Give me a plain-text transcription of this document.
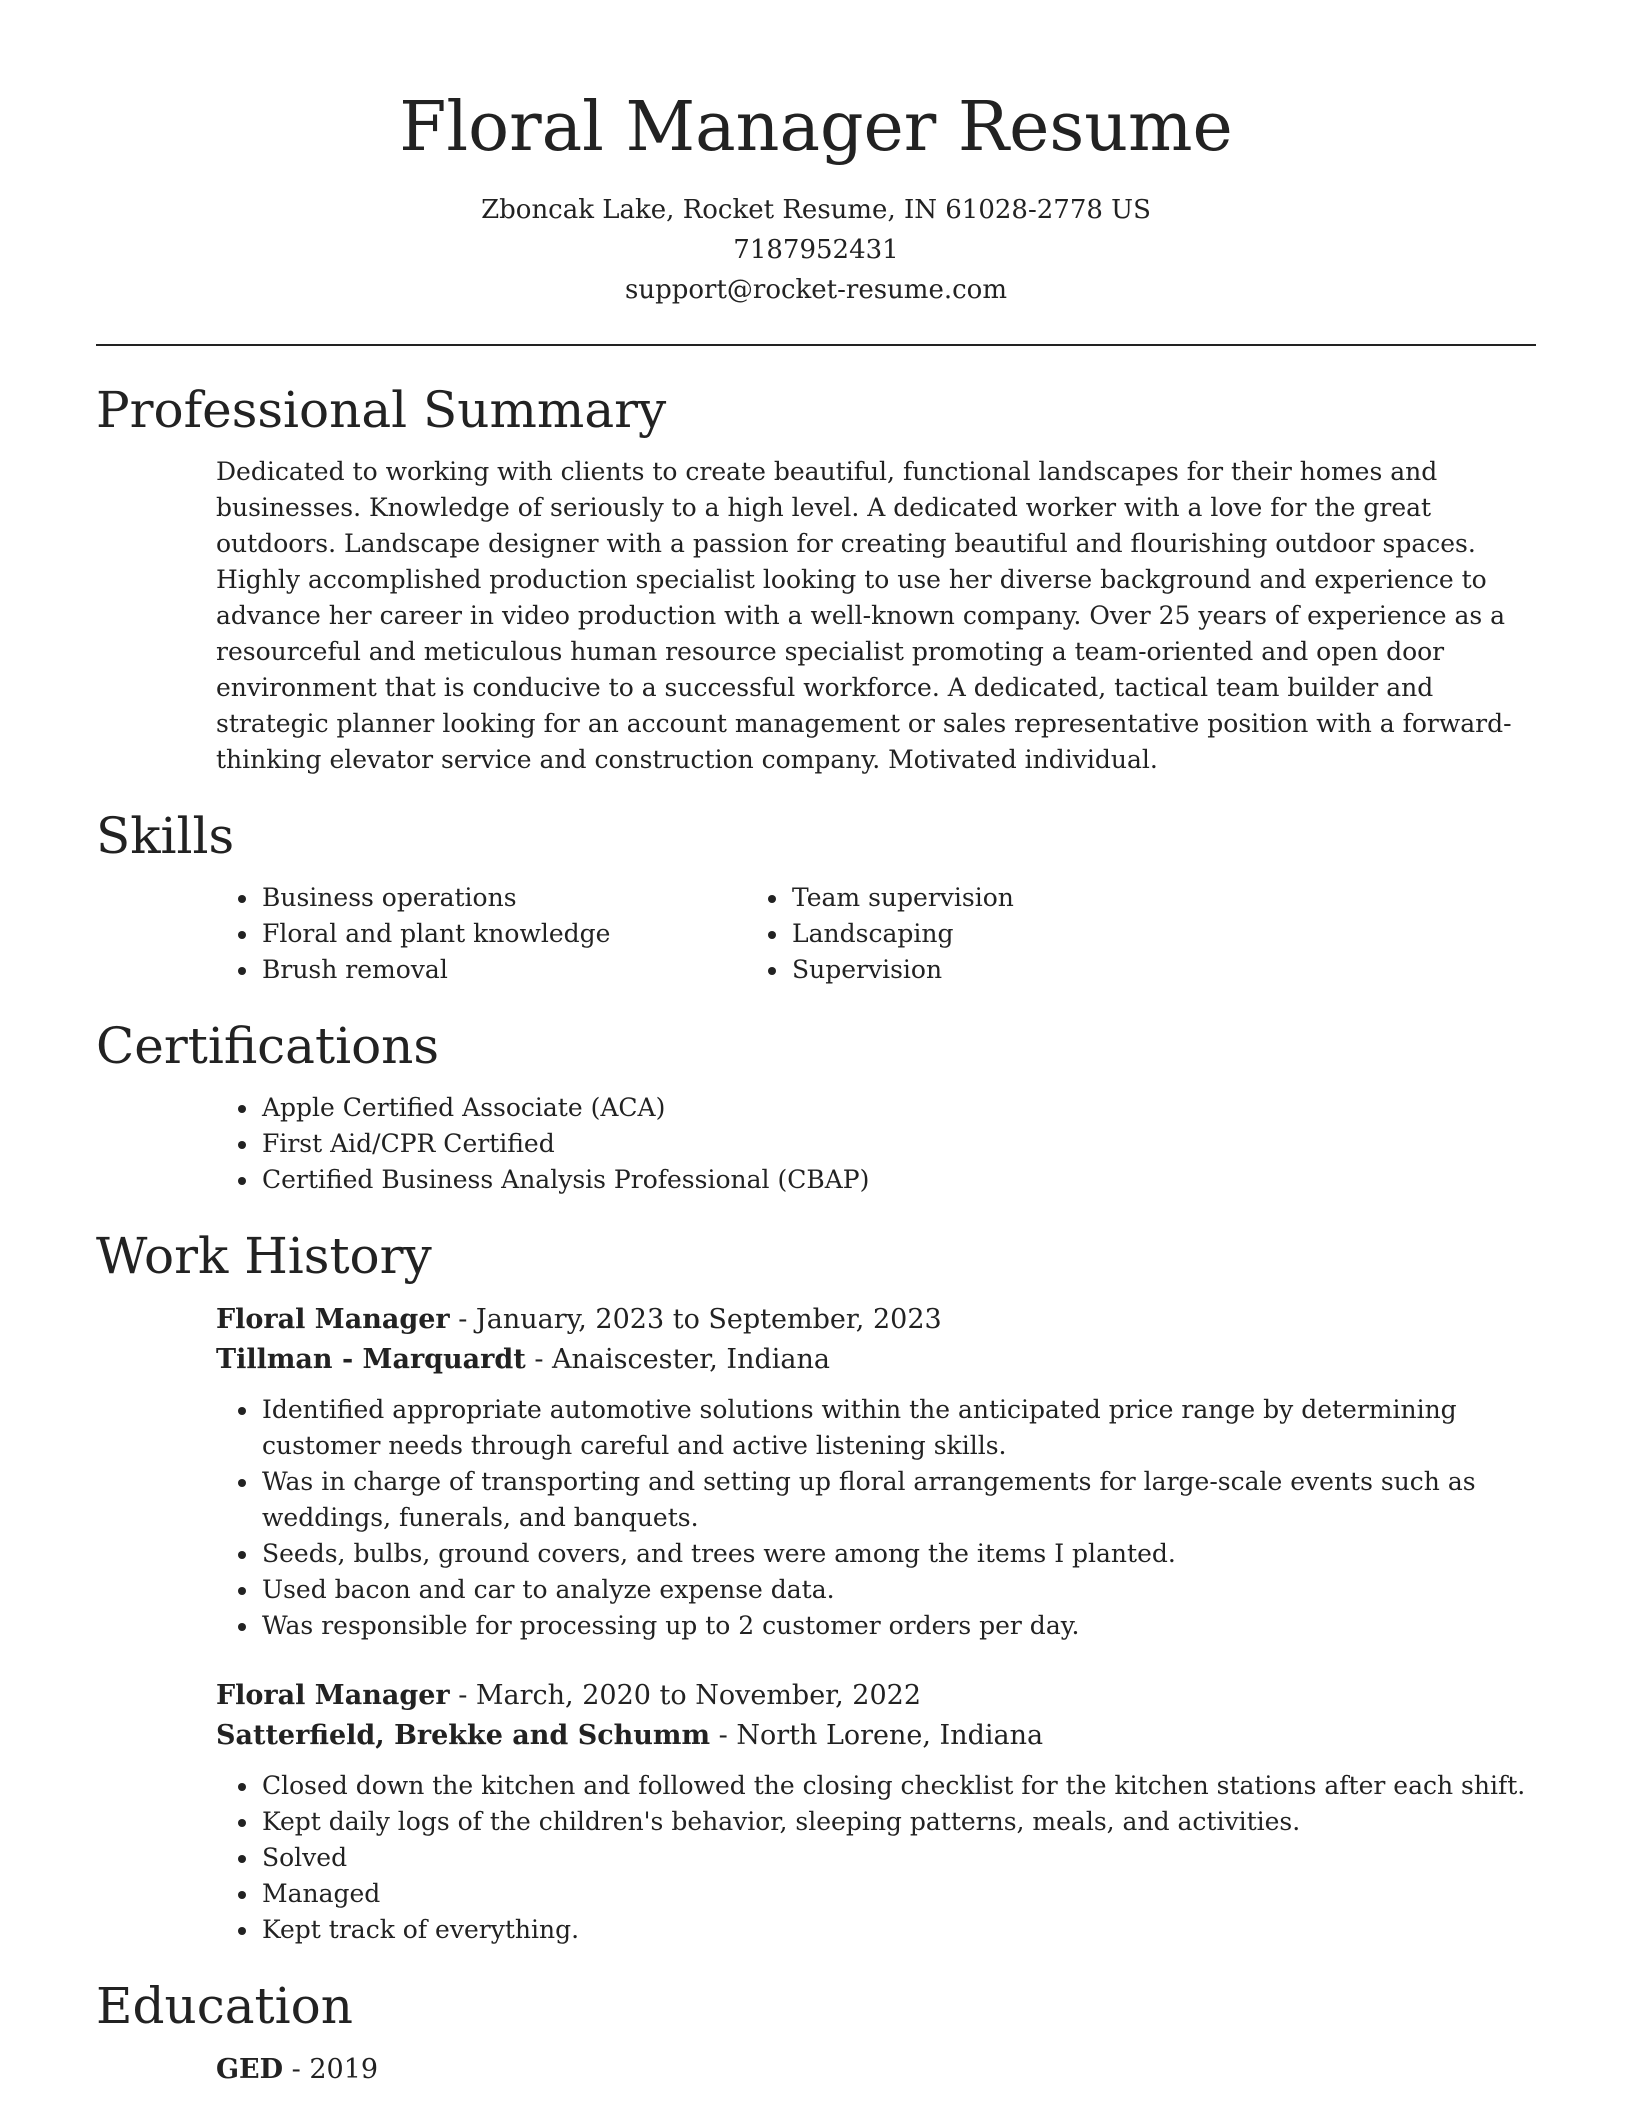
Floral Manager Resume
Zboncak Lake, Rocket Resume, IN 61028-2778 US
7187952431
support@rocket-resume.com
Professional Summary

Dedicated to working with clients to create beautiful, functional landscapes for their homes and businesses. Knowledge of seriously to a high level. A dedicated worker with a love for the great outdoors. Landscape designer with a passion for creating beautiful and flourishing outdoor spaces. Highly accomplished production specialist looking to use her diverse background and experience to advance her career in video production with a well-known company. Over 25 years of experience as a resourceful and meticulous human resource specialist promoting a team-oriented and open door environment that is conducive to a successful workforce. A dedicated, tactical team builder and strategic planner looking for an account management or sales representative position with a forward-thinking elevator service and construction company. Motivated individual.

Skills
• Business operations
• Floral and plant knowledge
• Brush removal
• Team supervision
• Landscaping
• Supervision
Certifications
• Apple Certified Associate (ACA)
• First Aid/CPR Certified
• Certified Business Analysis Professional (CBAP)
Work History
Floral Manager - January, 2023 to September, 2023
Tillman - Marquardt - Anaiscester, Indiana
• Identified appropriate automotive solutions within the anticipated price range by determining customer needs through careful and active listening skills.
• Was in charge of transporting and setting up floral arrangements for large-scale events such as weddings, funerals, and banquets.
• Seeds, bulbs, ground covers, and trees were among the items I planted.
• Used bacon and car to analyze expense data.
• Was responsible for processing up to 2 customer orders per day.
Floral Manager - March, 2020 to November, 2022
Satterfield, Brekke and Schumm - North Lorene, Indiana
• Closed down the kitchen and followed the closing checklist for the kitchen stations after each shift.
• Kept daily logs of the children's behavior, sleeping patterns, meals, and activities.
• Solved
• Managed
• Kept track of everything.
Education
GED - 2019
